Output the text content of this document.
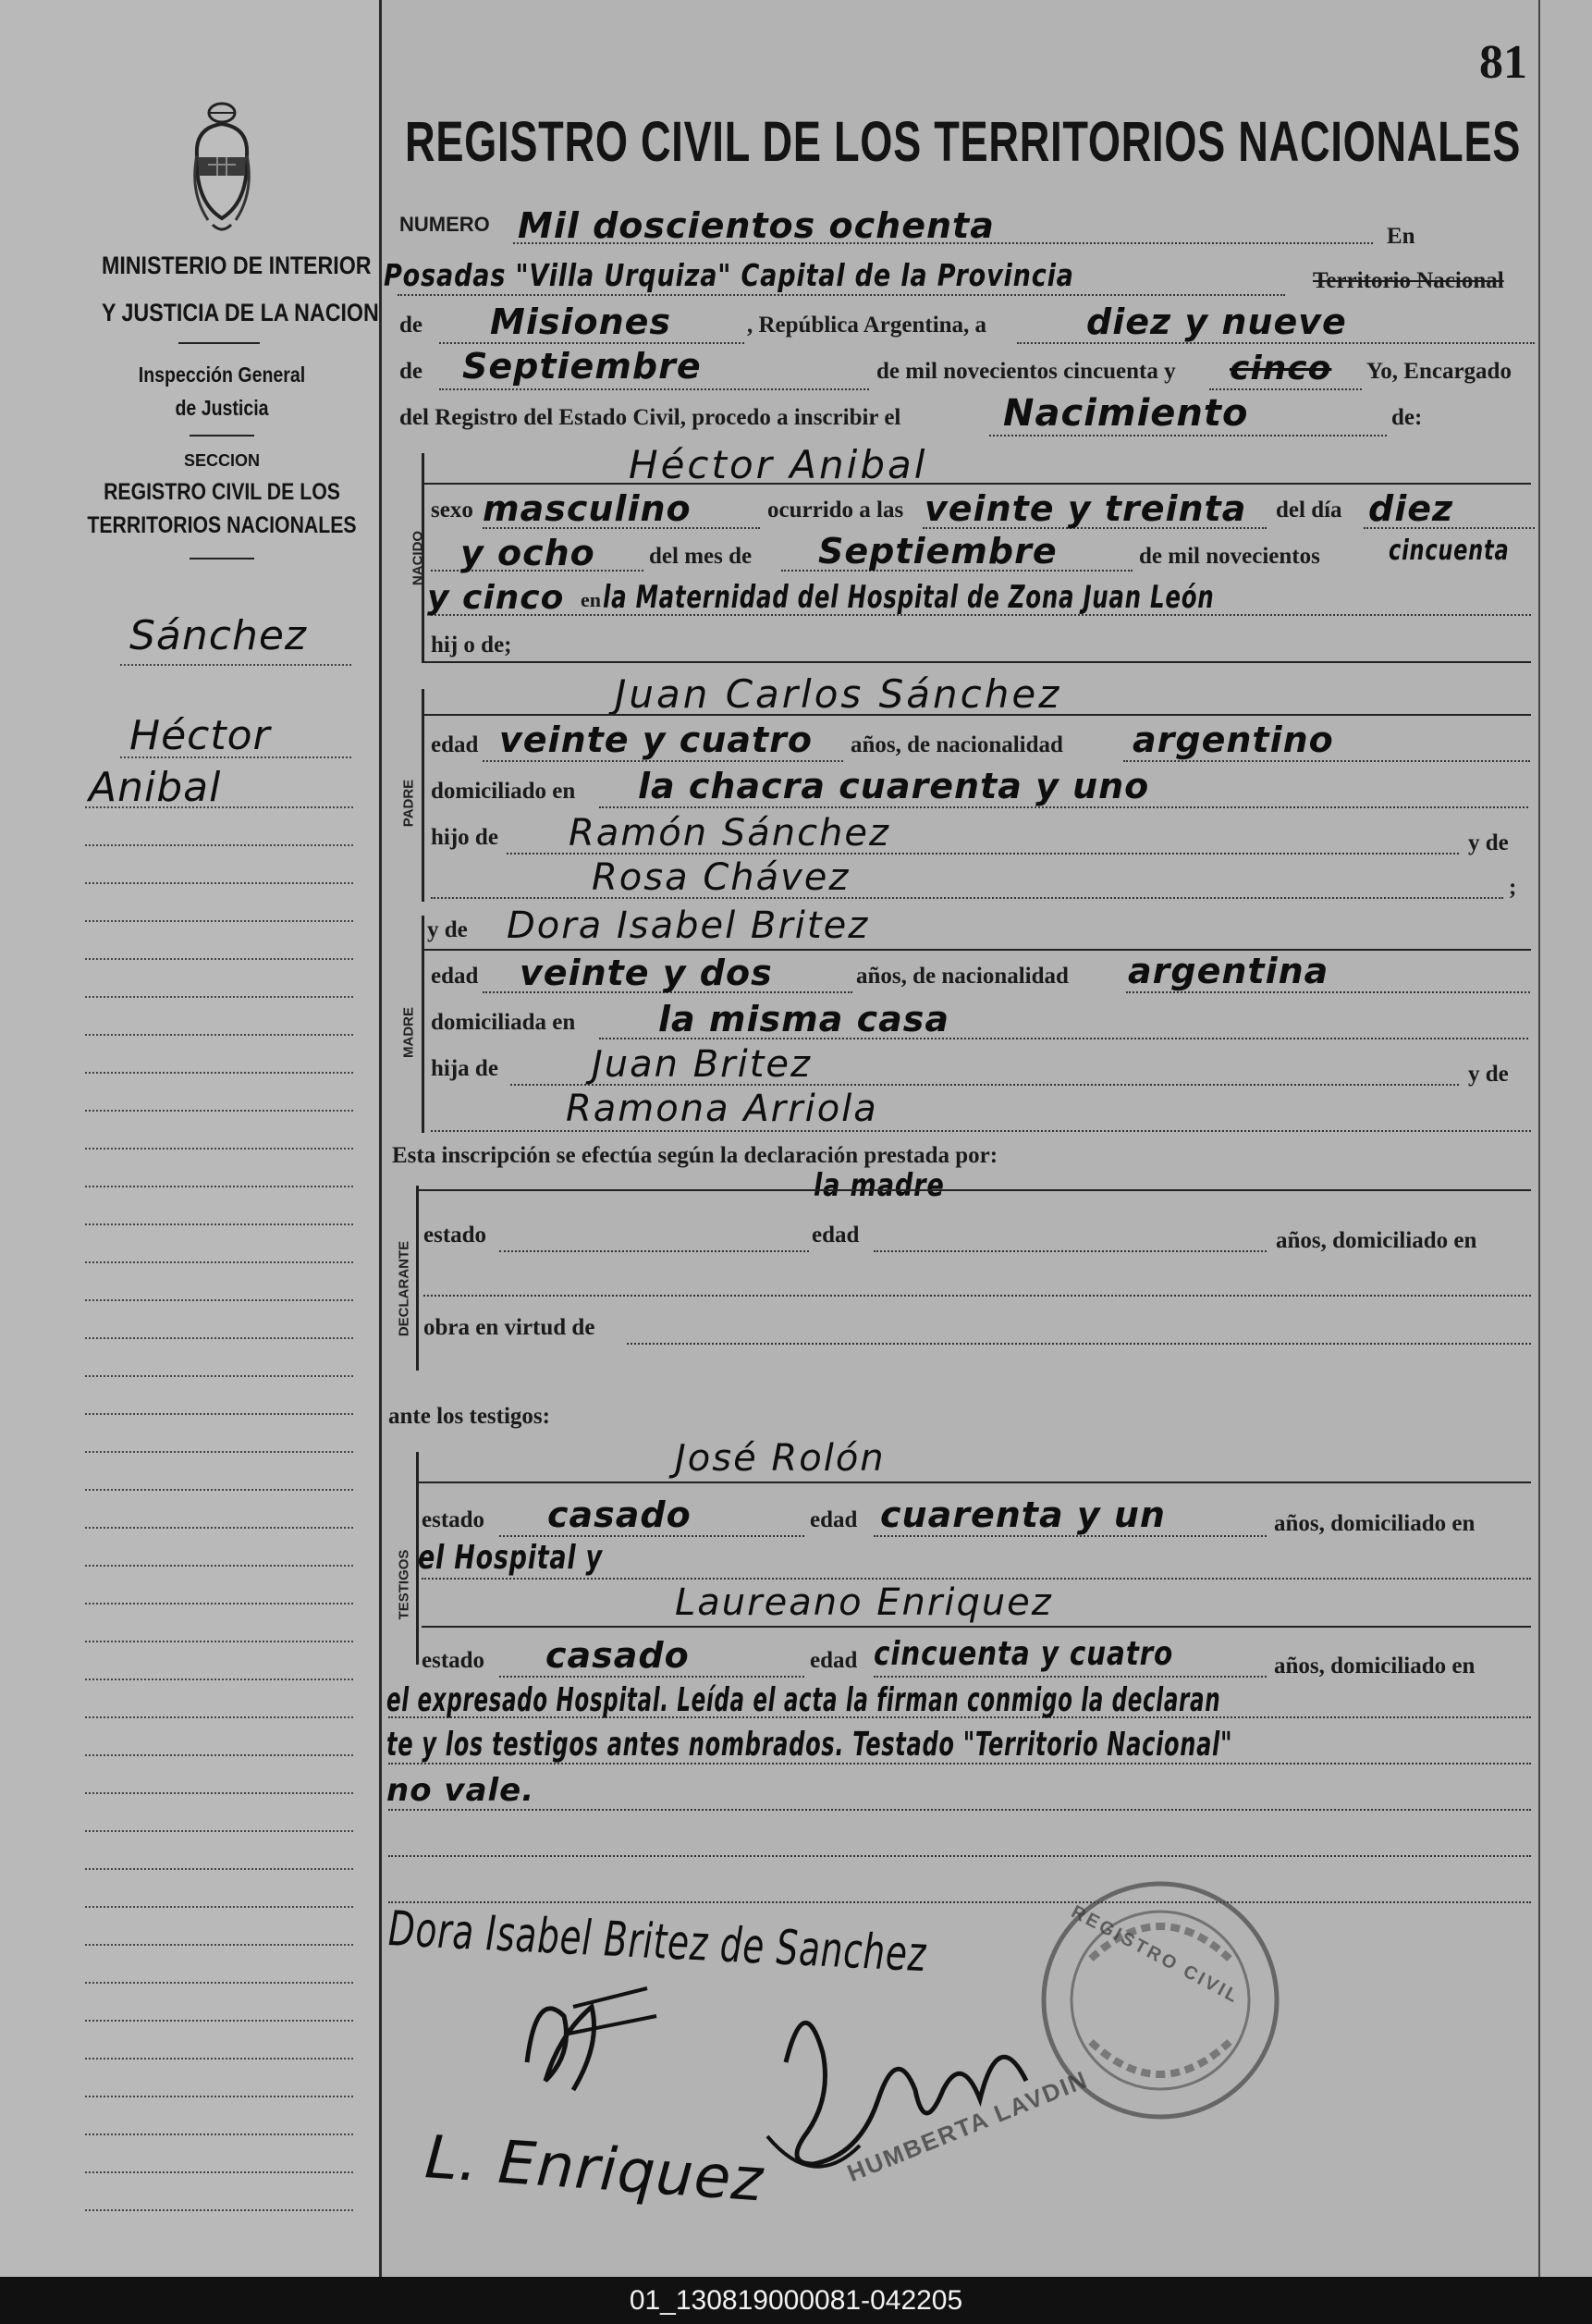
MINISTERIO DE INTERIOR
Y JUSTICIA DE LA NACION
Inspección General
de Justicia
SECCION
REGISTRO CIVIL DE LOS
TERRITORIOS NACIONALES
Sánchez
Héctor
Anibal
81
REGISTRO CIVIL DE LOS TERRITORIOS NACIONALES
NUMERO Mil doscientos ochenta	En
Posadas "Villa Urquiza" Capital de la Provincia	Territorio Nacional
de Misiones	, República Argentina, a	diez y nueve
de Septiembre	de mil novecientos cincuenta y cinco Yo, Encargado
del Registro del Estado Civil, procedo a inscribir el	Nacimiento	de:
NACIDO
Héctor Anibal
sexo masculino	ocurrido a las veinte y treinta del día diez
y ocho del mes de Septiembre	de mil novecientos cincuenta
y cinco en la Maternidad del Hospital de Zona Juan León
hij o de;
PADRE
Juan Carlos Sánchez
edad veinte y cuatro años, de nacionalidad argentino
domiciliado en la chacra cuarenta y uno
hijo de Ramón Sánchez	y de
Rosa Chávez	;
MADRE
y de Dora Isabel Britez
edad veinte y dos	años, de nacionalidad argentina
domiciliada en la misma casa
hija de	Juan Britez	y de
Ramona Arriola
Esta inscripción se efectúa según la declaración prestada por:
DECLARANTE
la madre
estado	edad	años, domiciliado en
obra en virtud de
ante los testigos:
TESTIGOS
José Rolón
estado casado	edad cuarenta y un	años, domiciliado en
el Hospital y
Laureano Enriquez
estado casado	edad cincuenta y cuatro	años, domiciliado en
el expresado Hospital. Leída el acta la firman conmigo la declaran
te y los testigos antes nombrados. Testado "Territorio Nacional"
no vale.
Dora Isabel Britez de Sanchez
L. Enriquez
REGISTRO CIVIL
HUMBERTA LAVDIN
01_130819000081-042205
